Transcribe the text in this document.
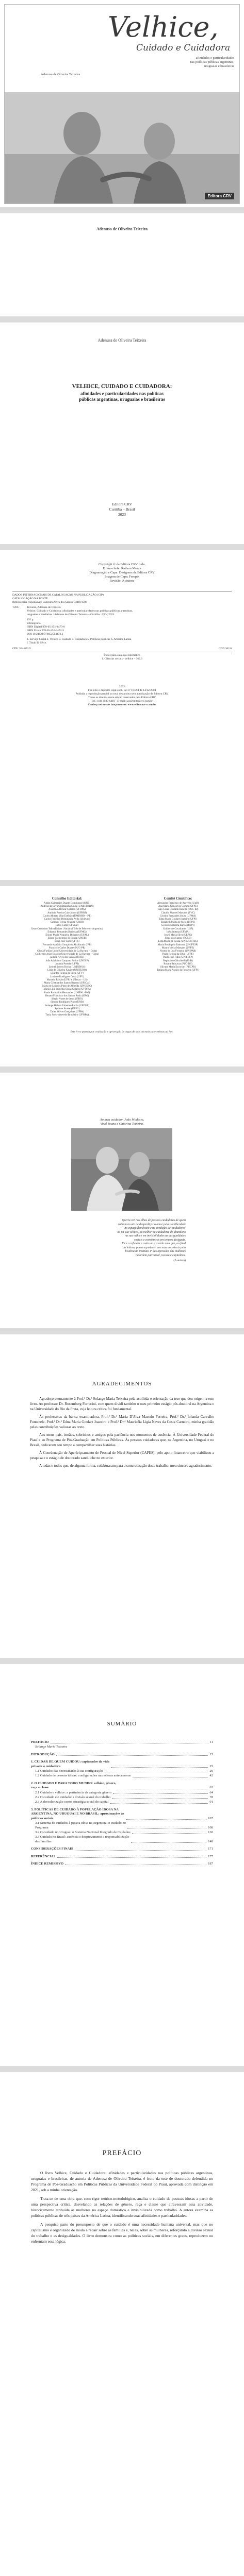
Velhice,
Cuidado e Cuidadora
afinidades e particularidades
nas políticas públicas argentinas,
uruguaias e brasileiras
Adenusa de Oliveira Teixeira
Editora CRV
Adenusa de Oliveira Teixeira
Adenusa de Oliveira Teixeira
VELHICE, CUIDADO E CUIDADORA:
afinidades e particularidades nas políticas públicas argentinas, uruguaias e brasileiras
Editora CRV
Curitiba – Brasil
2023
Copyright © da Editora CRV Ltda.
Editor-chefe: Railson Moura
Diagramação e Capa: Designers da Editora CRV
Imagem de Capa: Freepik
Revisão: A Autora
DADOS INTERNACIONAIS DE CATALOGAÇÃO NA PUBLICAÇÃO (CIP)
CATALOGAÇÃO NA FONTE
Bibliotecária responsável: Luzenira Alves dos Santos CRB9/1506
T266	Teixeira, Adenusa de Oliveira
Velhice, Cuidado e Cuidadora: afinidades e particularidades nas políticas públicas argentinas,
uruguaias e brasileiras / Adenusa de Oliveira Teixeira – Curitiba : CRV, 2023.
192 p.
Bibliografia
ISBN Digital 978-65-251-4473-0
ISBN Físico 978-65-251-4472-3
DOI 10.24824/978652514472.3
1. Serviço Social 2. Velhice 3. Cuidado 4. Cuidadora 5. Políticas públicas 6. América Latina
I. Título II. Série.
CDU 364-053.9	CDD 362.6
Índice para catálogo sistemático
1. Ciências sociais - velhice – 362.6
2023
Foi feito o depósito legal conf. Lei nº 10.994 de 14/12/2004
Proibida a reprodução parcial ou total desta obra sem autorização da Editora CRV
Todos os direitos desta edição reservados pela Editora CRV
Tel.: (41) 3039-6418 - E-mail: sac@editoracrv.com.br
Conheça os nossos lançamentos: www.editoracrv.com.br
Conselho Editorial:
Aldira Guimarães Duarte Domínguez (UNB)
Andréia da Silva Quintanilha Sousa (UNIR/UFRN)
Anselmo Alencar Colares (UFOPA)
Antônio Pereira Gaio Júnior (UFRRJ)
Carlos Alberto Vilar Estêvão (UMINHO – PT)
Carlos Federico Dominguez Avila (Unieuro)
Carmen Tereza Velanga (UNIR)
Celso Conti (UFSCar)
Cesar Gerónimo Tello (Univer .Nacional Três de Febrero – Argentina)
Eduardo Fernandes Barbosa (UFMG)
Elione Maria Nogueira Diogenes (UFAL)
Elizeu Clementino de Souza (UNEB)
Élsio José Corá (UFFS)
Fernando Antônio Gonçalves Alcoforado (IPB)
Francisco Carlos Duarte (PUC-PR)
Gloria Fariñas León (Universidade de La Havana – Cuba)
Guillermo Arias Beatón (Universidade de La Havana – Cuba)
Jailson Alves dos Santos (UFRJ)
João Adalberto Campato Junior (UNESP)
Josania Portela (UFPI)
Leonel Severo Rocha (UNISINOS)
Lídia de Oliveira Xavier (UNIEURO)
Lourdes Helena da Silva (UFV)
Luciano Rodrigues Costa (UFV)
Marcelo Paixão (UFRJ e UTexas – US)
Maria Cristina dos Santos Bezerra (UFSCar)
Maria de Lourdes Pinto de Almeida (UNOESC)
Maria Lília Imbiriba Sousa Colares (UFOPA)
Paulo Romualdo Hernandes (UNIFAL-MG)
Renato Francisco dos Santos Paula (UFG)
Sérgio Nunes de Jesus (IFRO)
Simone Rodrigues Pinto (UNB)
Solange Helena Ximenes-Rocha (UFOPA)
Sydione Santos (UEPG)
Tadeu Oliver Gonçalves (UFPA)
Tania Suely Azevedo Brasileiro (UFOPA)
Comitê Científico:
Alexandre Francisco de Azevedo (UnB)
Ana Maria Gonçalves Gomes (UFPE)
Caio César Dourado Bezerra (PUC-RJ)
Claudio Manoel Marques (FVC)
Cristina Fernandes Sousa (UFMA)
Edna Maria Goulart Joazeiro (UFPI)
Elizabeth Maria de Melo (UFPE)
Geraldo Sobreira Barros (UFPI)
Guilherme Cavalcante (USP)
Inês Santana (UFMA)
Joséli Maria Silva (UEPG)
Josué dos Santos (FCRB)
Leda Maria de Souza (UNIMONTES)
Maria Rosângela Batistoni (UNIFESP)
Mauro Vieira Marques (UFPE)
Norma da Luz Ferrarini (UNIPAR)
Paula Regina da Silva (UFPE)
Paulo José Filho (UNIFESP)
Reginaldo Ghiraldelli (UnB)
Rosane Janczura (PUC-RS)
Silvana Maria Escorsim (PUCPR)
Tatiana Maria Araújo da Fonseca (UFPI)
Este livro passou por avaliação e aprovação às cegas de dois ou mais pareceristas ad hoc.
Ao meu cuidador, João Modesto,
Vovó Joana e Catarina Teixeira.
Queria ver nos olhos de pessoas cuidadoras de quem
cuidam no ato de desperdiçar o amor pela sua liberdade
no espaço doméstico e na condição de 'cuidadores'
ou na sua velhice, ou melhor na cuidadoria de abandono
na sua velhice em invisibilidades as desigualdades
sociais e econômicas em tempos desiguais.
Fica a reflexão a cada um e a cada uma que, ao final
da leitura, possa agradecer aos seus ancestrais pela
história no instituto 1ª das opressões das mulheres
na ordem patriarcal, racista e capitalista.
(A autora)
AGRADECIMENTOS

Agradeço eternamente à Prof.ª Dr.ª Solange Maria Teixeira pela acolhida e orientação da tese que deu origem a este livro. Ao professor Dr. Rosemberg Ferracini, com quem dividi também o meu primeiro estágio pós-doutoral na Argentina e na Universidade do Rio da Prata, cuja leitura crítica foi fundamental.

Às professoras da banca examinadora, Prof.ª Dr.ª Maria D'Alva Macedo Ferreira, Prof.ª Dr.ª Iolanda Carvalho Fontenele, Prof.ª Dr.ª Edna Maria Goulart Joazeiro e Prof.ª Dr.ª Mauricéia Ligia Neves da Costa Carneiro, minha gratidão pelas contribuições valiosas ao texto.

Aos meus pais, irmãos, sobrinhos e amigos pela paciência nos momentos de ausência. À Universidade Federal do Piauí e ao Programa de Pós-Graduação em Políticas Públicas. Às pessoas cuidadoras que, na Argentina, no Uruguai e no Brasil, dedicaram seu tempo a compartilhar suas histórias.

À Coordenação de Aperfeiçoamento de Pessoal de Nível Superior (CAPES), pelo apoio financeiro que viabilizou a pesquisa e o estágio de doutorado sanduíche no exterior.

A todas e todos que, de alguma forma, colaboraram para a concretização deste trabalho, meu sincero agradecimento.

SUMÁRIO
PREFÁCIO	11
Solange Maria Teixeira
INTRODUÇÃO	15
1. CUIDAR DE QUEM CUIDOU: capturados da vida
privada à cuidadora	25
1.1 Cuidado: das necessidades à sua configuração	26
1.2 Cuidado de pessoas idosas: configurações nas esferas antecessoras	42
2. O CUIDADO E PARA TODO MUNDO: velhice, gênero,
raça e classe	63
2.1 Cuidado e velhice: a pertinência da categoria gênero	64
2.2 O cuidado e o cuidado: a divisão sexual do trabalho	78
2.3 A desvalorização como estratégia social do capital	91
3. POLÍTICAS DE CUIDADO À POPULAÇÃO IDOSA NA
ARGENTINA, NO URUGUAI E NO BRASIL: aproximações às
políticas sociais	107
3.1 Sistema de cuidados à pessoa idosa na Argentina: o cuidado no
Programa	108
3.2 O cuidado no Uruguai: o Sistema Nacional Integrado de Cuidados	130
3.3 Cuidado no Brasil: ausência e desprovimento a responsabilização
das famílias	148
CONSIDERAÇÕES FINAIS	171
REFERÊNCIAS	177
ÍNDICE REMISSIVO	187
PREFÁCIO

O livro Velhice, Cuidado e Cuidadora: afinidades e particularidades nas políticas públicas argentinas, uruguaias e brasileiras, de autoria de Adenusa de Oliveira Teixeira, é fruto da tese de doutorado defendida no Programa de Pós-Graduação em Políticas Públicas da Universidade Federal do Piauí, aprovada com distinção em 2021, sob a minha orientação.

Trata-se de uma obra que, com rigor teórico-metodológico, analisa o cuidado de pessoas idosas a partir de uma perspectiva crítica, desvelando as relações de gênero, raça e classe que atravessam essa atividade, historicamente atribuída às mulheres no espaço doméstico e invisibilizada como trabalho. A autora examina as políticas públicas de três países da América Latina, identificando suas afinidades e particularidades.

A pesquisa parte do pressuposto de que o cuidado é uma necessidade humana universal, mas que no capitalismo é organizado de modo a recair sobre as famílias e, nelas, sobre as mulheres, reforçando a divisão sexual do trabalho e as desigualdades. O livro demonstra como as políticas sociais, em diferentes graus, reproduzem ou enfrentam essa lógica.
